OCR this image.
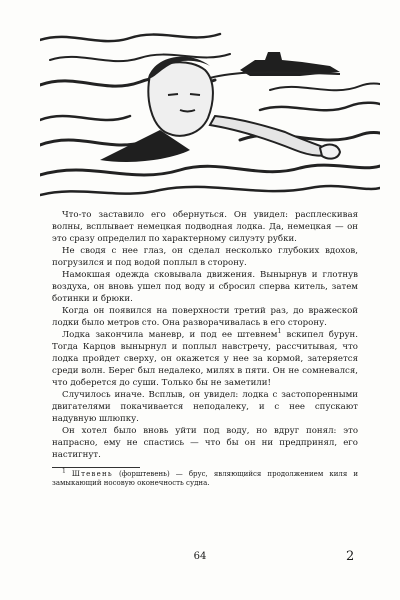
Что-то заставило его обернуться. Он увидел: расплескивая волны, всплывает немецкая подводная лодка. Да, немецкая — он это сразу определил по характерному силуэту рубки.

Не сводя с нее глаз, он сделал несколько глубоких вдохов, погрузился и под водой поплыл в сторону.

Намокшая одежда сковывала движения. Вынырнув и глотнув воздуха, он вновь ушел под воду и сбросил сперва китель, затем ботинки и брюки.

Когда он появился на поверхности третий раз, до вражеской лодки было метров сто. Она разворачивалась в его сторону.

Лодка закончила маневр, и под ее штевнем$^1$ вскипел бурун. Тогда Карцов вынырнул и поплыл навстречу, рассчитывая, что лодка пройдет сверху, он окажется у нее за кормой, затеряется среди волн. Берег был недалеко, милях в пяти. Он не сомневался, что доберется до суши. Только бы не заметили!

Случилось иначе. Всплыв, он увидел: лодка с застопоренными двигателями покачивается неподалеку, и с нее спускают надувную шлюпку.

Он хотел было вновь уйти под воду, но вдруг понял: это напрасно, ему не спастись — что бы он ни предпринял, его настигнут.

1 Штевень (форштевень) — брус, являющийся продолжением киля и замыкающий носовую оконечность судна.

64	2
